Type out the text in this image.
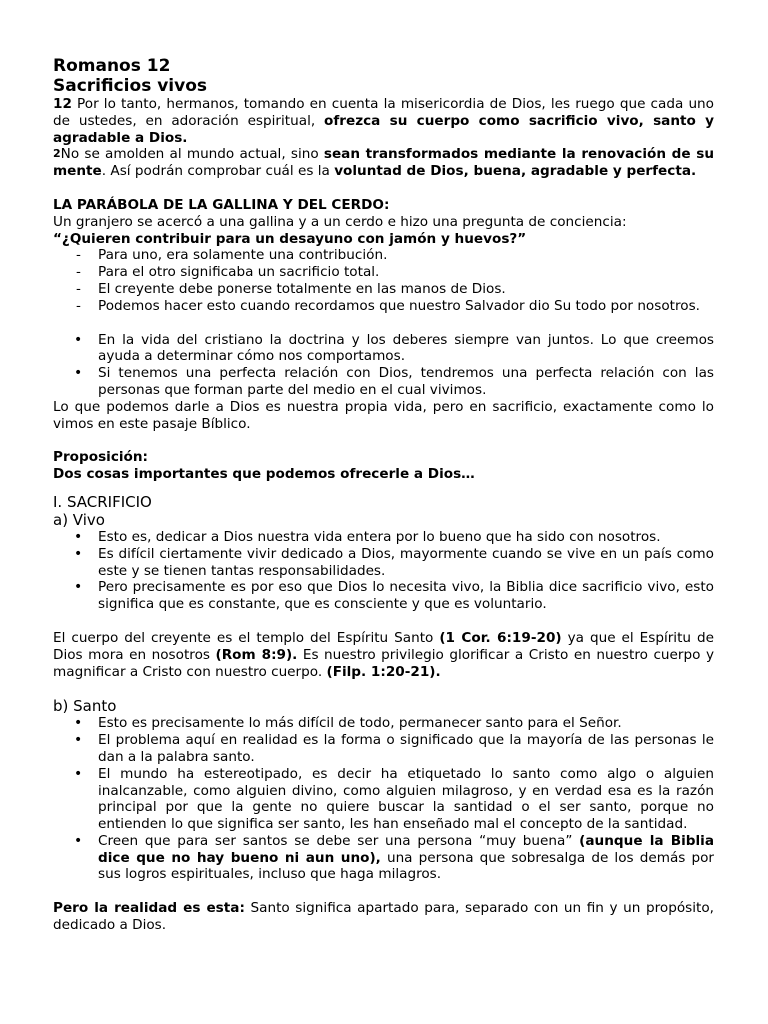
Romanos 12
Sacrificios vivos

12 Por lo tanto, hermanos, tomando en cuenta la misericordia de Dios, les ruego que cada uno de ustedes, en adoración espiritual, ofrezca su cuerpo como sacrificio vivo, santo y agradable a Dios.

$^2$No se amolden al mundo actual, sino sean transformados mediante la renovación de su mente. Así podrán comprobar cuál es la voluntad de Dios, buena, agradable y perfecta.

LA PARÁBOLA DE LA GALLINA Y DEL CERDO:

Un granjero se acercó a una gallina y a un cerdo e hizo una pregunta de conciencia:

“¿Quieren contribuir para un desayuno con jamón y huevos?”

- Para uno, era solamente una contribución.
- Para el otro significaba un sacrificio total.
- El creyente debe ponerse totalmente en las manos de Dios.
- Podemos hacer esto cuando recordamos que nuestro Salvador dio Su todo por nosotros.
• En la vida del cristiano la doctrina y los deberes siempre van juntos. Lo que creemos ayuda a determinar cómo nos comportamos.
• Si tenemos una perfecta relación con Dios, tendremos una perfecta relación con las personas que forman parte del medio en el cual vivimos.

Lo que podemos darle a Dios es nuestra propia vida, pero en sacrificio, exactamente como lo vimos en este pasaje Bíblico.

Proposición:

Dos cosas importantes que podemos ofrecerle a Dios…

I. SACRIFICIO
a) Vivo
• Esto es, dedicar a Dios nuestra vida entera por lo bueno que ha sido con nosotros.
• Es difícil ciertamente vivir dedicado a Dios, mayormente cuando se vive en un país como este y se tienen tantas responsabilidades.
• Pero precisamente es por eso que Dios lo necesita vivo, la Biblia dice sacrificio vivo, esto significa que es constante, que es consciente y que es voluntario.

El cuerpo del creyente es el templo del Espíritu Santo (1 Cor. 6:19-20) ya que el Espíritu de Dios mora en nosotros (Rom 8:9). Es nuestro privilegio glorificar a Cristo en nuestro cuerpo y magnificar a Cristo con nuestro cuerpo. (Filp. 1:20-21).

b) Santo
• Esto es precisamente lo más difícil de todo, permanecer santo para el Señor.
• El problema aquí en realidad es la forma o significado que la mayoría de las personas le dan a la palabra santo.
• El mundo ha estereotipado, es decir ha etiquetado lo santo como algo o alguien inalcanzable, como alguien divino, como alguien milagroso, y en verdad esa es la razón principal por que la gente no quiere buscar la santidad o el ser santo, porque no entienden lo que significa ser santo, les han enseñado mal el concepto de la santidad.
• Creen que para ser santos se debe ser una persona “muy buena” (aunque la Biblia dice que no hay bueno ni aun uno), una persona que sobresalga de los demás por sus logros espirituales, incluso que haga milagros.

Pero la realidad es esta: Santo significa apartado para, separado con un fin y un propósito, dedicado a Dios.
